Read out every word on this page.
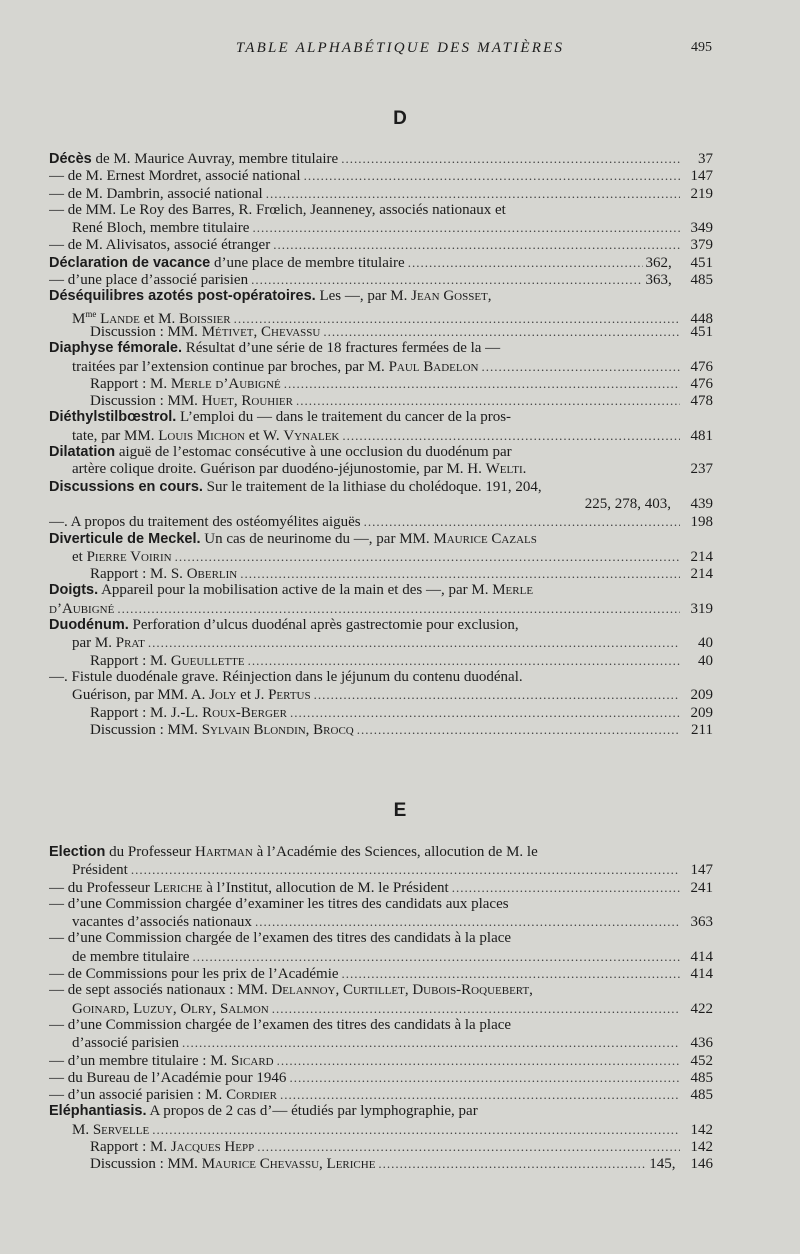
TABLE ALPHABÉTIQUE DES MATIÈRES	495
D
Décès de M. Maurice Auvray, membre titulaire .....	37
— de M. Ernest Mordret, associé national .....	147
— de M. Dambrin, associé national .....	219
— de MM. Le Roy des Barres, R. Frœlich, Jeanneney, associés nationaux et
René Bloch, membre titulaire .....	349
— de M. Alivisatos, associé étranger .....	379
Déclaration de vacance d’une place de membre titulaire .....	362, 451
— d’une place d’associé parisien .....	363, 485
Déséquilibres azotés post-opératoires. Les —, par M. Jean Gosset,
$M^{me}$ Lande et M. Boissier .....	448
Discussion : MM. Métivet, Chevassu .....	451
Diaphyse fémorale. Résultat d’une série de 18 fractures fermées de la —
traitées par l’extension continue par broches, par M. Paul Badelon .....	476
Rapport : M. Merle d’Aubigné .....	476
Discussion : MM. Huet, Rouhier .....	478
Diéthylstilbœstrol. L’emploi du — dans le traitement du cancer de la pros-
tate, par MM. Louis Michon et W. Vynalek .....	481
Dilatation aiguë de l’estomac consécutive à une occlusion du duodénum par
artère colique droite. Guérison par duodéno-jéjunostomie, par M. H. Welti.	237
Discussions en cours. Sur le traitement de la lithiase du cholédoque. 191, 204,
225, 278, 403,	439
—. A propos du traitement des ostéomyélites aiguës .....	198
Diverticule de Meckel. Un cas de neurinome du —, par MM. Maurice Cazals
et Pierre Voirin .....	214
Rapport : M. S. Oberlin .....	214
Doigts. Appareil pour la mobilisation active de la main et des —, par M. Merle
d’Aubigné .....	319
Duodénum. Perforation d’ulcus duodénal après gastrectomie pour exclusion,
par M. Prat .....	40
Rapport : M. Gueullette .....	40
—. Fistule duodénale grave. Réinjection dans le jéjunum du contenu duodénal.
Guérison, par MM. A. Joly et J. Pertus .....	209
Rapport : M. J.-L. Roux-Berger .....	209
Discussion : MM. Sylvain Blondin, Brocq .....	211
E
Election du Professeur Hartman à l’Académie des Sciences, allocution de M. le
Président .....	147
— du Professeur Leriche à l’Institut, allocution de M. le Président .....	241
— d’une Commission chargée d’examiner les titres des candidats aux places
vacantes d’associés nationaux .....	363
— d’une Commission chargée de l’examen des titres des candidats à la place
de membre titulaire .....	414
— de Commissions pour les prix de l’Académie .....	414
— de sept associés nationaux : MM. Delannoy, Curtillet, Dubois-Roquebert,
Goinard, Luzuy, Olry, Salmon .....	422
— d’une Commission chargée de l’examen des titres des candidats à la place
d’associé parisien .....	436
— d’un membre titulaire : M. Sicard .....	452
— du Bureau de l’Académie pour 1946 .....	485
— d’un associé parisien : M. Cordier .....	485
Eléphantiasis. A propos de 2 cas d’— étudiés par lymphographie, par
M. Servelle .....	142
Rapport : M. Jacques Hepp .....	142
Discussion : MM. Maurice Chevassu, Leriche .....	145, 146
